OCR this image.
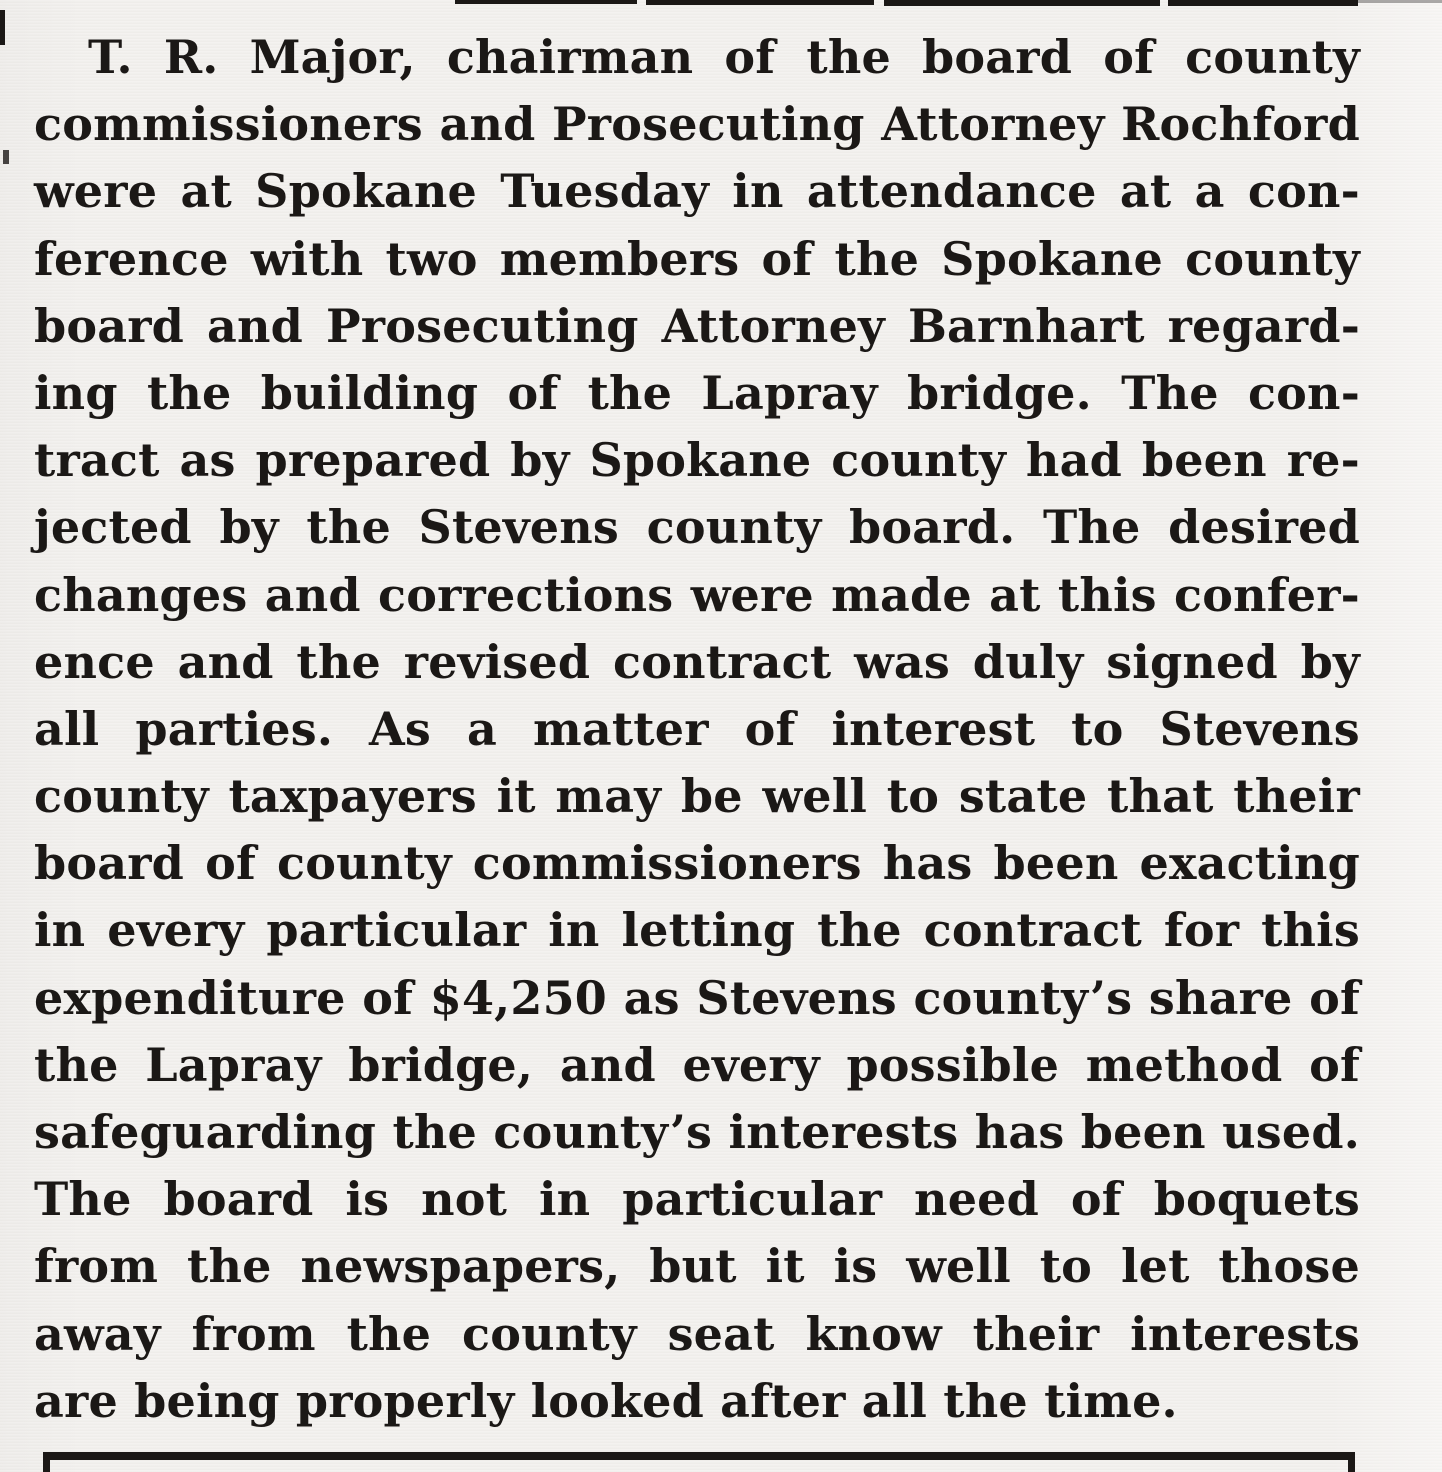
T. R. Major, chairman of the board of county
commissioners and Prosecuting Attorney Rochford
were at Spokane Tuesday in attendance at a con-
ference with two members of the Spokane county
board and Prosecuting Attorney Barnhart regard-
ing the building of the Lapray bridge. The con-
tract as prepared by Spokane county had been re-
jected by the Stevens county board. The desired
changes and corrections were made at this confer-
ence and the revised contract was duly signed by
all parties. As a matter of interest to Stevens
county taxpayers it may be well to state that their
board of county commissioners has been exacting
in every particular in letting the contract for this
expenditure of $4,250 as Stevens county’s share of
the Lapray bridge, and every possible method of
safeguarding the county’s interests has been used.
The board is not in particular need of boquets
from the newspapers, but it is well to let those
away from the county seat know their interests
are being properly looked after all the time.
